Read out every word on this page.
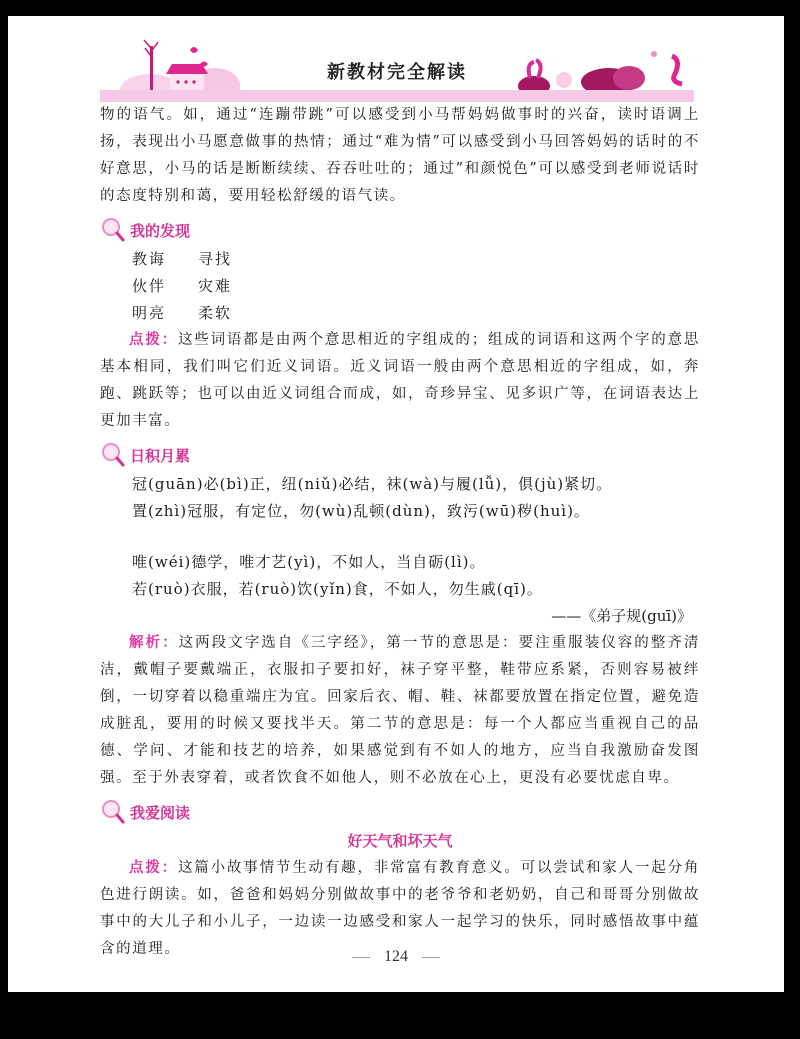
新教材完全解读

物的语气。如，通过“连蹦带跳”可以感受到小马帮妈妈做事时的兴奋，读时语调上扬，表现出小马愿意做事的热情；通过“难为情”可以感受到小马回答妈妈的话时的不好意思，小马的话是断断续续、吞吞吐吐的；通过”和颜悦色”可以感受到老师说话时的态度特别和蔼，要用轻松舒缓的语气读。

我的发现
教诲	寻找
伙伴	灾难
明亮	柔软

点拨：这些词语都是由两个意思相近的字组成的；组成的词语和这两个字的意思基本相同，我们叫它们近义词语。近义词语一般由两个意思相近的字组成，如，奔跑、跳跃等；也可以由近义词组合而成，如，奇珍异宝、见多识广等，在词语表达上更加丰富。

日积月累
冠(guān)必(bì)正，纽(niǔ)必结，袜(wà)与履(lǚ)，俱(jù)紧切。
置(zhì)冠服，有定位，勿(wù)乱顿(dùn)，致污(wū)秽(huì)。
唯(wéi)德学，唯才艺(yì)，不如人，当自砺(lì)。
若(ruò)衣服，若(ruò)饮(yǐn)食，不如人，勿生戚(qī)。
——《弟子规(guī)》

解析：这两段文字选自《三字经》，第一节的意思是：要注重服装仪容的整齐清洁，戴帽子要戴端正，衣服扣子要扣好，袜子穿平整，鞋带应系紧，否则容易被绊倒，一切穿着以稳重端庄为宜。回家后衣、帽、鞋、袜都要放置在指定位置，避免造成脏乱，要用的时候又要找半天。第二节的意思是：每一个人都应当重视自己的品德、学问、才能和技艺的培养，如果感觉到有不如人的地方，应当自我激励奋发图强。至于外表穿着，或者饮食不如他人，则不必放在心上，更没有必要忧虑自卑。

我爱阅读
好天气和坏天气

点拨：这篇小故事情节生动有趣，非常富有教育意义。可以尝试和家人一起分角色进行朗读。如，爸爸和妈妈分别做故事中的老爷爷和老奶奶，自己和哥哥分别做故事中的大儿子和小儿子，一边读一边感受和家人一起学习的快乐，同时感悟故事中蕴含的道理。	124
